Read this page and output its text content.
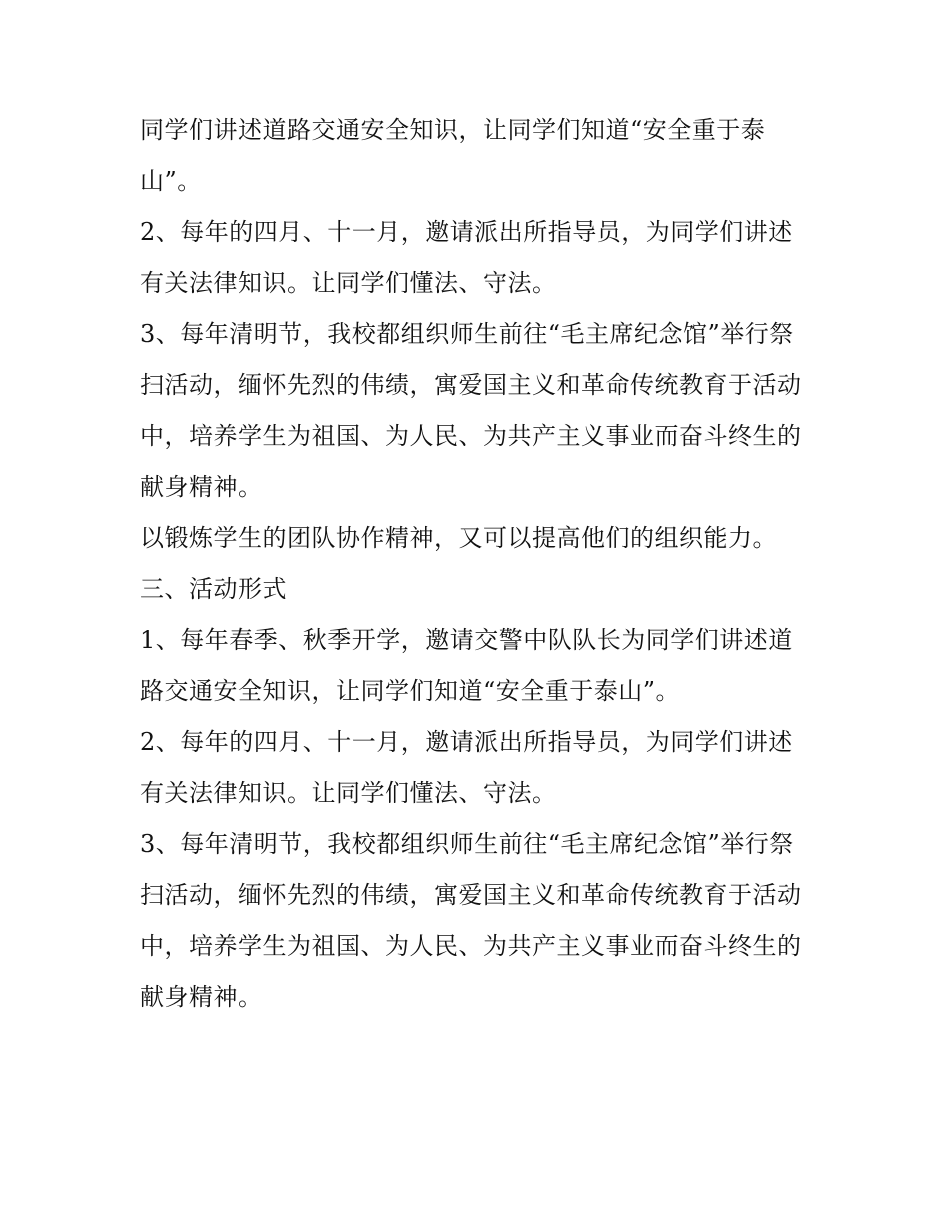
同学们讲述道路交通安全知识，让同学们知道“安全重于泰
山”。
2、每年的四月、十一月，邀请派出所指导员，为同学们讲述
有关法律知识。让同学们懂法、守法。
3、每年清明节，我校都组织师生前往“毛主席纪念馆”举行祭
扫活动，缅怀先烈的伟绩，寓爱国主义和革命传统教育于活动
中，培养学生为祖国、为人民、为共产主义事业而奋斗终生的
献身精神。
以锻炼学生的团队协作精神，又可以提高他们的组织能力。
三、活动形式
1、每年春季、秋季开学，邀请交警中队队长为同学们讲述道
路交通安全知识，让同学们知道“安全重于泰山”。
2、每年的四月、十一月，邀请派出所指导员，为同学们讲述
有关法律知识。让同学们懂法、守法。
3、每年清明节，我校都组织师生前往“毛主席纪念馆”举行祭
扫活动，缅怀先烈的伟绩，寓爱国主义和革命传统教育于活动
中，培养学生为祖国、为人民、为共产主义事业而奋斗终生的
献身精神。
